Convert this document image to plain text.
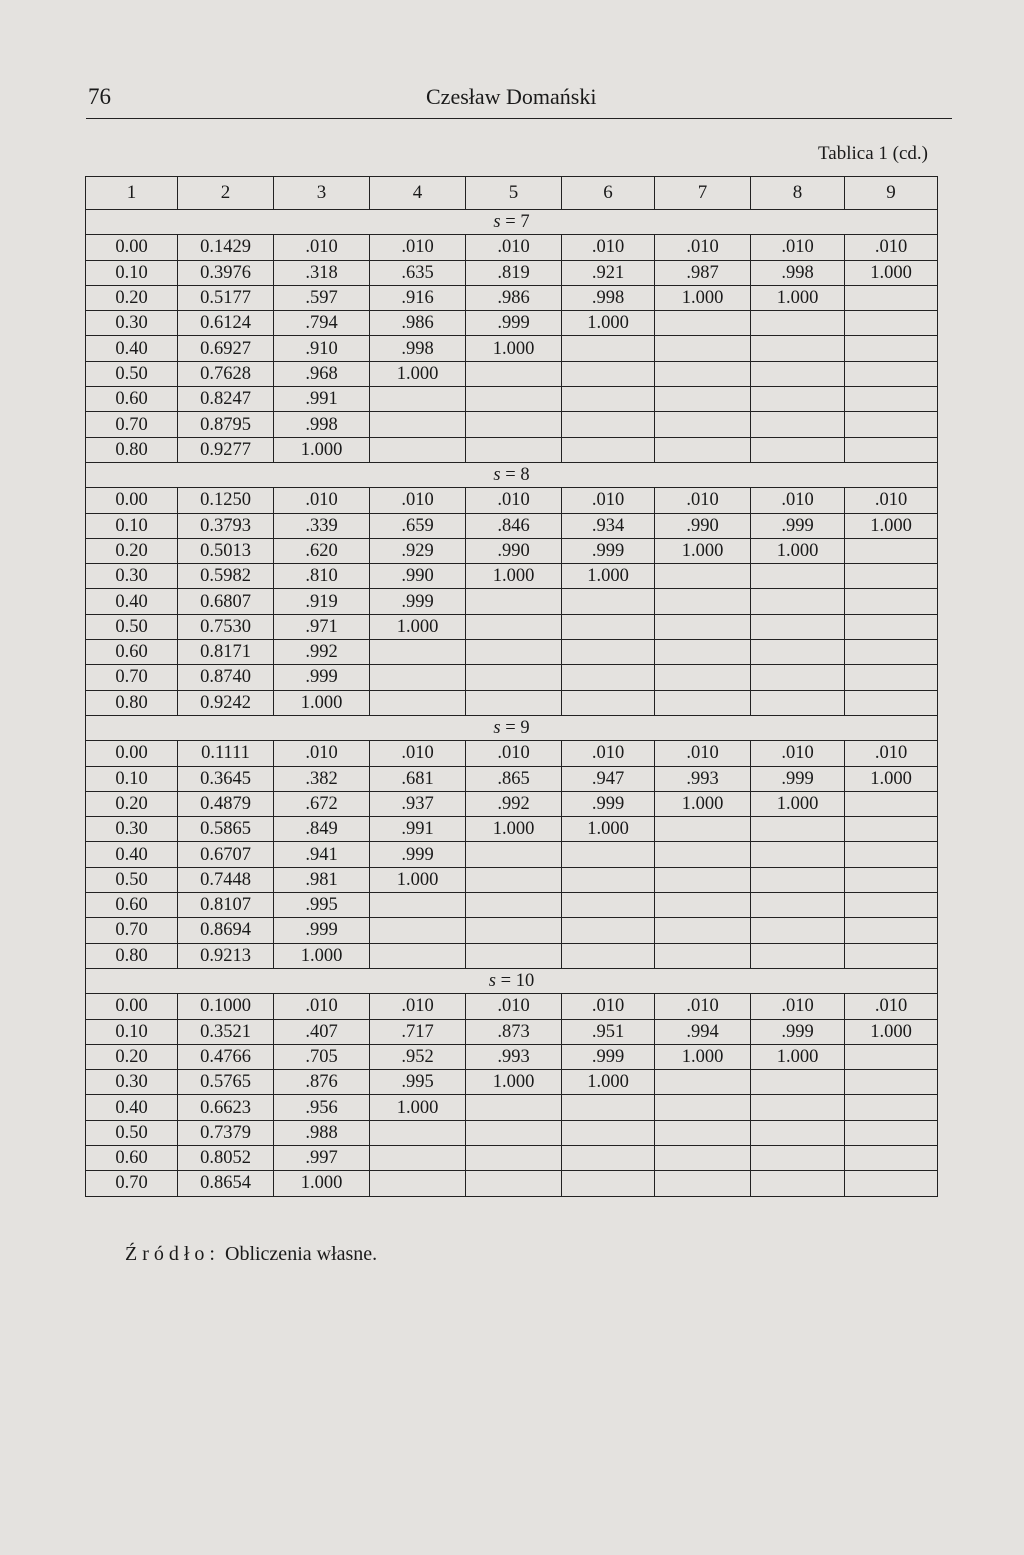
76	Czesław Domański
Tablica 1 (cd.)
1	2	3	4	5	6	7	8	9
s = 7								
0.00	0.1429	.010	.010	.010	.010	.010	.010	.010
0.10	0.3976	.318	.635	.819	.921	.987	.998	1.000
0.20	0.5177	.597	.916	.986	.998	1.000	1.000	
0.30	0.6124	.794	.986	.999	1.000			
0.40	0.6927	.910	.998	1.000				
0.50	0.7628	.968	1.000					
0.60	0.8247	.991						
0.70	0.8795	.998						
0.80	0.9277	1.000						
s = 8								
0.00	0.1250	.010	.010	.010	.010	.010	.010	.010
0.10	0.3793	.339	.659	.846	.934	.990	.999	1.000
0.20	0.5013	.620	.929	.990	.999	1.000	1.000	
0.30	0.5982	.810	.990	1.000	1.000			
0.40	0.6807	.919	.999					
0.50	0.7530	.971	1.000					
0.60	0.8171	.992						
0.70	0.8740	.999						
0.80	0.9242	1.000						
s = 9								
0.00	0.1111	.010	.010	.010	.010	.010	.010	.010
0.10	0.3645	.382	.681	.865	.947	.993	.999	1.000
0.20	0.4879	.672	.937	.992	.999	1.000	1.000	
0.30	0.5865	.849	.991	1.000	1.000			
0.40	0.6707	.941	.999					
0.50	0.7448	.981	1.000					
0.60	0.8107	.995						
0.70	0.8694	.999						
0.80	0.9213	1.000						
s = 10								
0.00	0.1000	.010	.010	.010	.010	.010	.010	.010
0.10	0.3521	.407	.717	.873	.951	.994	.999	1.000
0.20	0.4766	.705	.952	.993	.999	1.000	1.000	
0.30	0.5765	.876	.995	1.000	1.000			
0.40	0.6623	.956	1.000					
0.50	0.7379	.988						
0.60	0.8052	.997						
0.70	0.8654	1.000						
Źródło: Obliczenia własne.
